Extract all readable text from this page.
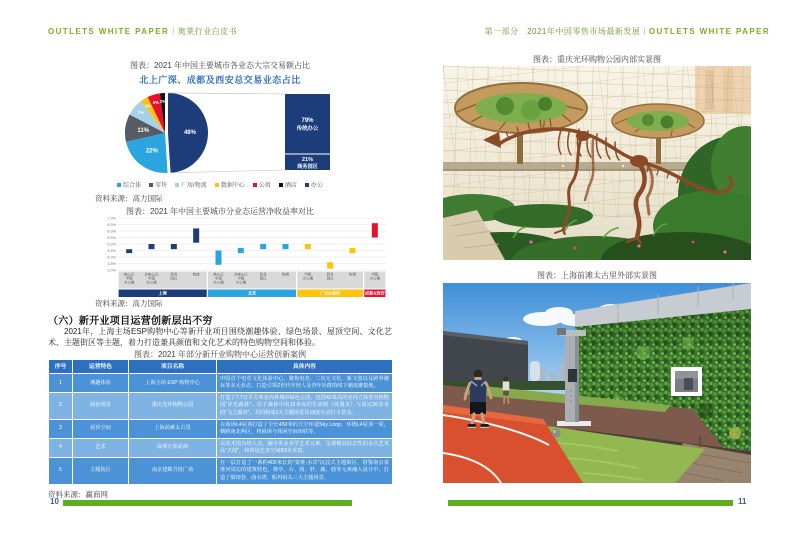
OUTLETS WHITE PAPER｜奥莱行业白皮书
图表：2021 年中国主要城市各业态大宗交易额占比
北上广深、成都及西安总交易业态占比
48%
22%
11%
7%
3%
5% 2%
79%
传统办公
21%
商务园区
综合体	零售	厂房/物流	数据中心	公寓	酒店	办公
资料来源：高力国际
图表：2021 年中国主要城市分业态运营净收益率对比
上海	北京	广州&深圳	成都&西安
3.0%
3.5%
4.0%
4.5%
5.0%
5.5%
6.0%
6.5%
7.0%
核心区
甲级
办公楼
非核心区
甲级
办公楼
商务
园区
物流	核心区
甲级
办公楼
非核心区
甲级
办公楼
商务
园区
物流	甲级
办公楼
商务
园区
物流	甲级
办公楼
资料来源：高力国际
（六）新开业项目运营创新层出不穷
2021年，上海主场ESP购物中心等新开业项目围绕潮趣体验、绿色场景、屋顶空间、文化艺术、主题街区等主题，着力打造兼具颜值和文化艺术的特色购物空间和体验。
图表：2021 年部分新开业购物中心运营创新案例
序号	运营特色	项目名称	具体内容
1	潮趣体验	上海主场 ESP 购物中心	中国首个电竞文化体验中心，聚焦电竞、二次元文化、新文创以及跨界潮玩等多元业态，打造引领Z世代年轻人及青年社群的线下潮流聚集地。
2	绿色场景	重庆光环购物公园	打造了7.7万平方米室内外城市绿色公园，包括42米高的室内立体垂直植物园“沐光森林”、位于森林中央15米高的生命树（凤凰木）与高达20多米的“飞之瀑谷”，共同构成3大主题场景及18处互动打卡景点。
3	屋顶空间	上海前滩太古里	在商场L4屋顶打造了全长450米的天空环道Sky Loop，环绕L4屋顶一周，横跨南北两区，将商场与休闲空间串联等。
4	艺术	深圳万象前海	以美术馆为切入点，融合更多美学艺术元素，呈现极具标志性的永久艺术品“天圆”，和常设艺术空间B2美术馆。
5	主题街区	南京建邺吾悦广场	在一层打造了一条约400米长的“秦淮·水岸”沉浸式主题街区，借鉴南京秦淮河周边的建筑特色，将亭、台、阁、轩、廊、舫等元素融入设计中，打造了烟雨巷、曲水湾、船坞码头三大主题场景。
资料来源：赢商网
10
第一部分　2021年中国零售市场最新发展｜OUTLETS WHITE PAPER
图表：重庆光环购物公园内部实景图
图表：上海前滩太古里外部实景图
11
